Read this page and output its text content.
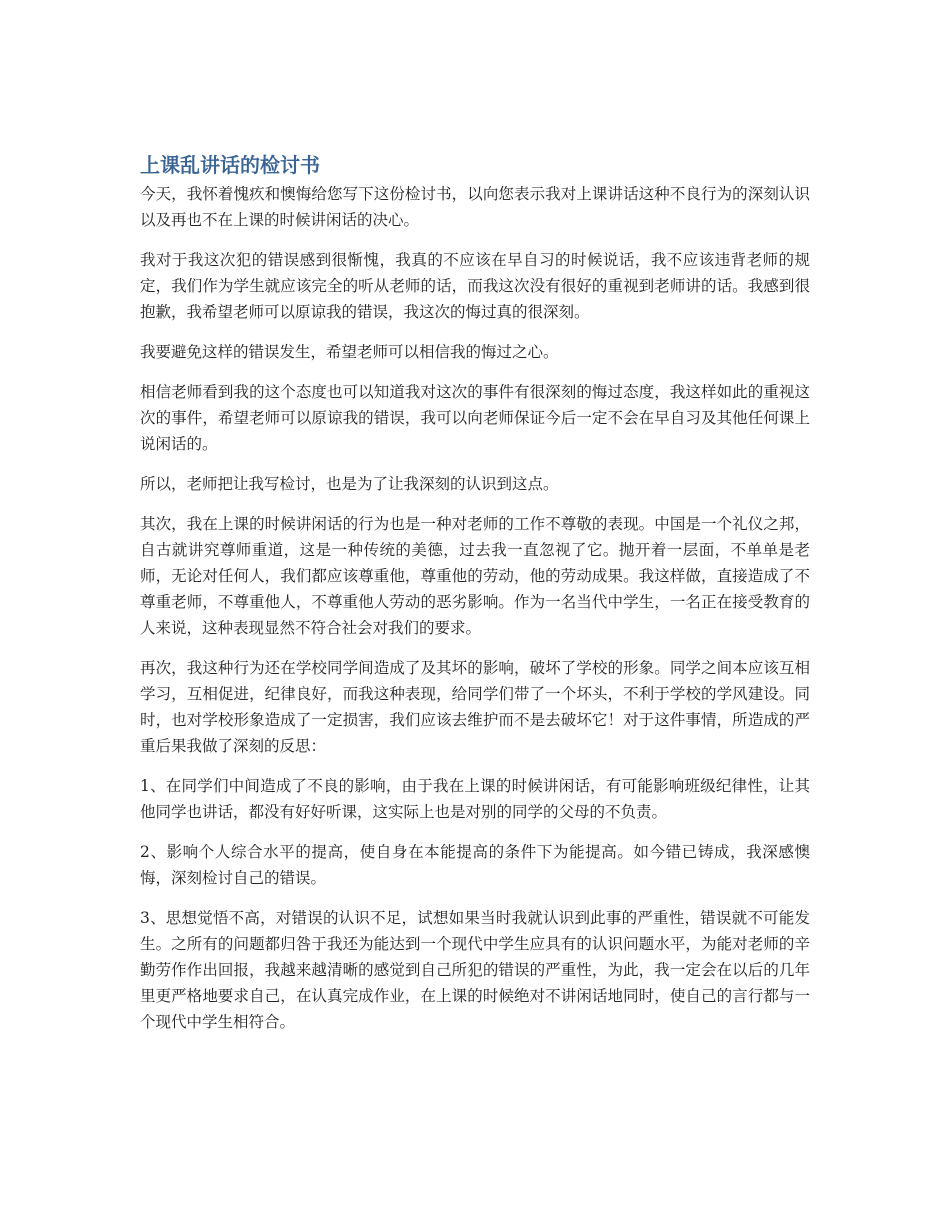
上课乱讲话的检讨书

今天，我怀着愧疚和懊悔给您写下这份检讨书，以向您表示我对上课讲话这种不良行为的深刻认识以及再也不在上课的时候讲闲话的决心。

我对于我这次犯的错误感到很惭愧，我真的不应该在早自习的时候说话，我不应该违背老师的规定，我们作为学生就应该完全的听从老师的话，而我这次没有很好的重视到老师讲的话。我感到很抱歉，我希望老师可以原谅我的错误，我这次的悔过真的很深刻。

我要避免这样的错误发生，希望老师可以相信我的悔过之心。

相信老师看到我的这个态度也可以知道我对这次的事件有很深刻的悔过态度，我这样如此的重视这次的事件，希望老师可以原谅我的错误，我可以向老师保证今后一定不会在早自习及其他任何课上说闲话的。

所以，老师把让我写检讨，也是为了让我深刻的认识到这点。

其次，我在上课的时候讲闲话的行为也是一种对老师的工作不尊敬的表现。中国是一个礼仪之邦，自古就讲究尊师重道，这是一种传统的美德，过去我一直忽视了它。抛开着一层面，不单单是老师，无论对任何人，我们都应该尊重他，尊重他的劳动，他的劳动成果。我这样做，直接造成了不尊重老师，不尊重他人，不尊重他人劳动的恶劣影响。作为一名当代中学生，一名正在接受教育的人来说，这种表现显然不符合社会对我们的要求。

再次，我这种行为还在学校同学间造成了及其坏的影响，破坏了学校的形象。同学之间本应该互相学习，互相促进，纪律良好，而我这种表现，给同学们带了一个坏头，不利于学校的学风建设。同时，也对学校形象造成了一定损害，我们应该去维护而不是去破坏它！对于这件事情，所造成的严重后果我做了深刻的反思：

1、在同学们中间造成了不良的影响，由于我在上课的时候讲闲话，有可能影响班级纪律性，让其他同学也讲话，都没有好好听课，这实际上也是对别的同学的父母的不负责。

2、影响个人综合水平的提高，使自身在本能提高的条件下为能提高。如今错已铸成，我深感懊悔，深刻检讨自己的错误。

3、思想觉悟不高，对错误的认识不足，试想如果当时我就认识到此事的严重性，错误就不可能发生。之所有的问题都归咎于我还为能达到一个现代中学生应具有的认识问题水平，为能对老师的辛勤劳作作出回报，我越来越清晰的感觉到自己所犯的错误的严重性，为此，我一定会在以后的几年里更严格地要求自己，在认真完成作业，在上课的时候绝对不讲闲话地同时，使自己的言行都与一个现代中学生相符合。
